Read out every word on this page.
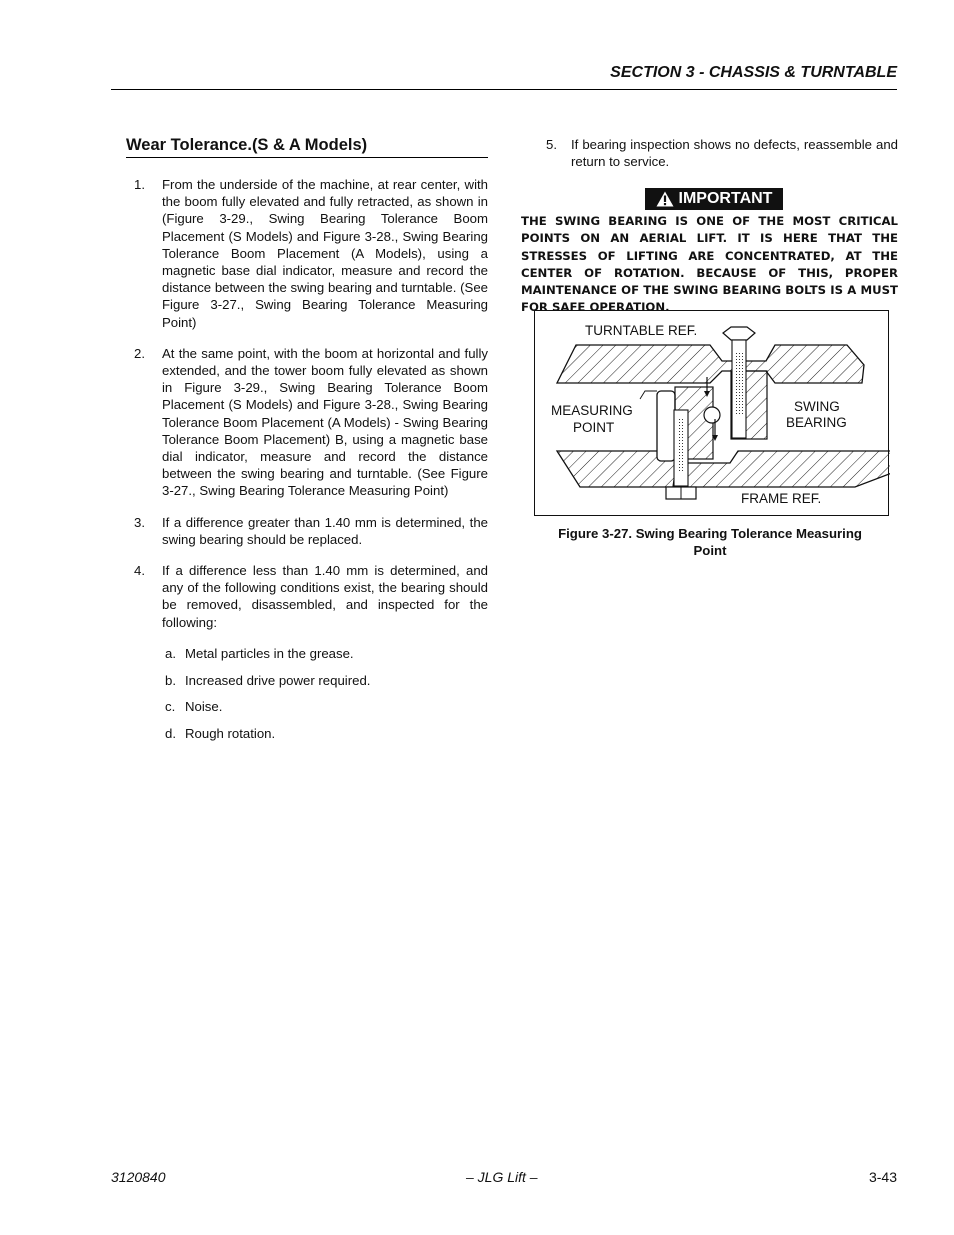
SECTION 3 - CHASSIS & TURNTABLE
Wear Tolerance.(S & A Models)
1.	From the underside of the machine, at rear center, with the boom fully elevated and fully retracted, as shown in (Figure 3-29., Swing Bearing Tolerance Boom Placement (S Models) and Figure 3-28., Swing Bearing Tolerance Boom Placement (A Models), using a magnetic base dial indicator, measure and record the distance between the swing bearing and turntable. (See Figure 3-27., Swing Bearing Tolerance Measuring Point)
2.	At the same point, with the boom at horizontal and fully extended, and the tower boom fully elevated as shown in Figure 3-29., Swing Bearing Tolerance Boom Placement (S Models) and Figure 3-28., Swing Bearing Tolerance Boom Placement (A Models) - Swing Bearing Tolerance Boom Placement) B, using a magnetic base dial indicator, measure and record the distance between the swing bearing and turntable. (See Figure 3-27., Swing Bearing Tolerance Measuring Point)
3.	If a difference greater than 1.40 mm is determined, the swing bearing should be replaced.
4.	If a difference less than 1.40 mm is determined, and any of the following conditions exist, the bearing should be removed, disassembled, and inspected for the following:
a. Metal particles in the grease.
b. Increased drive power required.
c. Noise.
d. Rough rotation.
5.	If bearing inspection shows no defects, reassemble and return to service.
IMPORTANT
THE SWING BEARING IS ONE OF THE MOST CRITICAL POINTS ON AN AERIAL LIFT. IT IS HERE THAT THE STRESSES OF LIFTING ARE CONCENTRATED, AT THE CENTER OF ROTATION. BECAUSE OF THIS, PROPER MAINTENANCE OF THE SWING BEARING BOLTS IS A MUST FOR SAFE OPERATION.
TURNTABLE REF.
MEASURING
POINT
SWING
BEARING
FRAME REF.
Figure 3-27. Swing Bearing Tolerance Measuring
Point
3120840	– JLG Lift –	3-43
